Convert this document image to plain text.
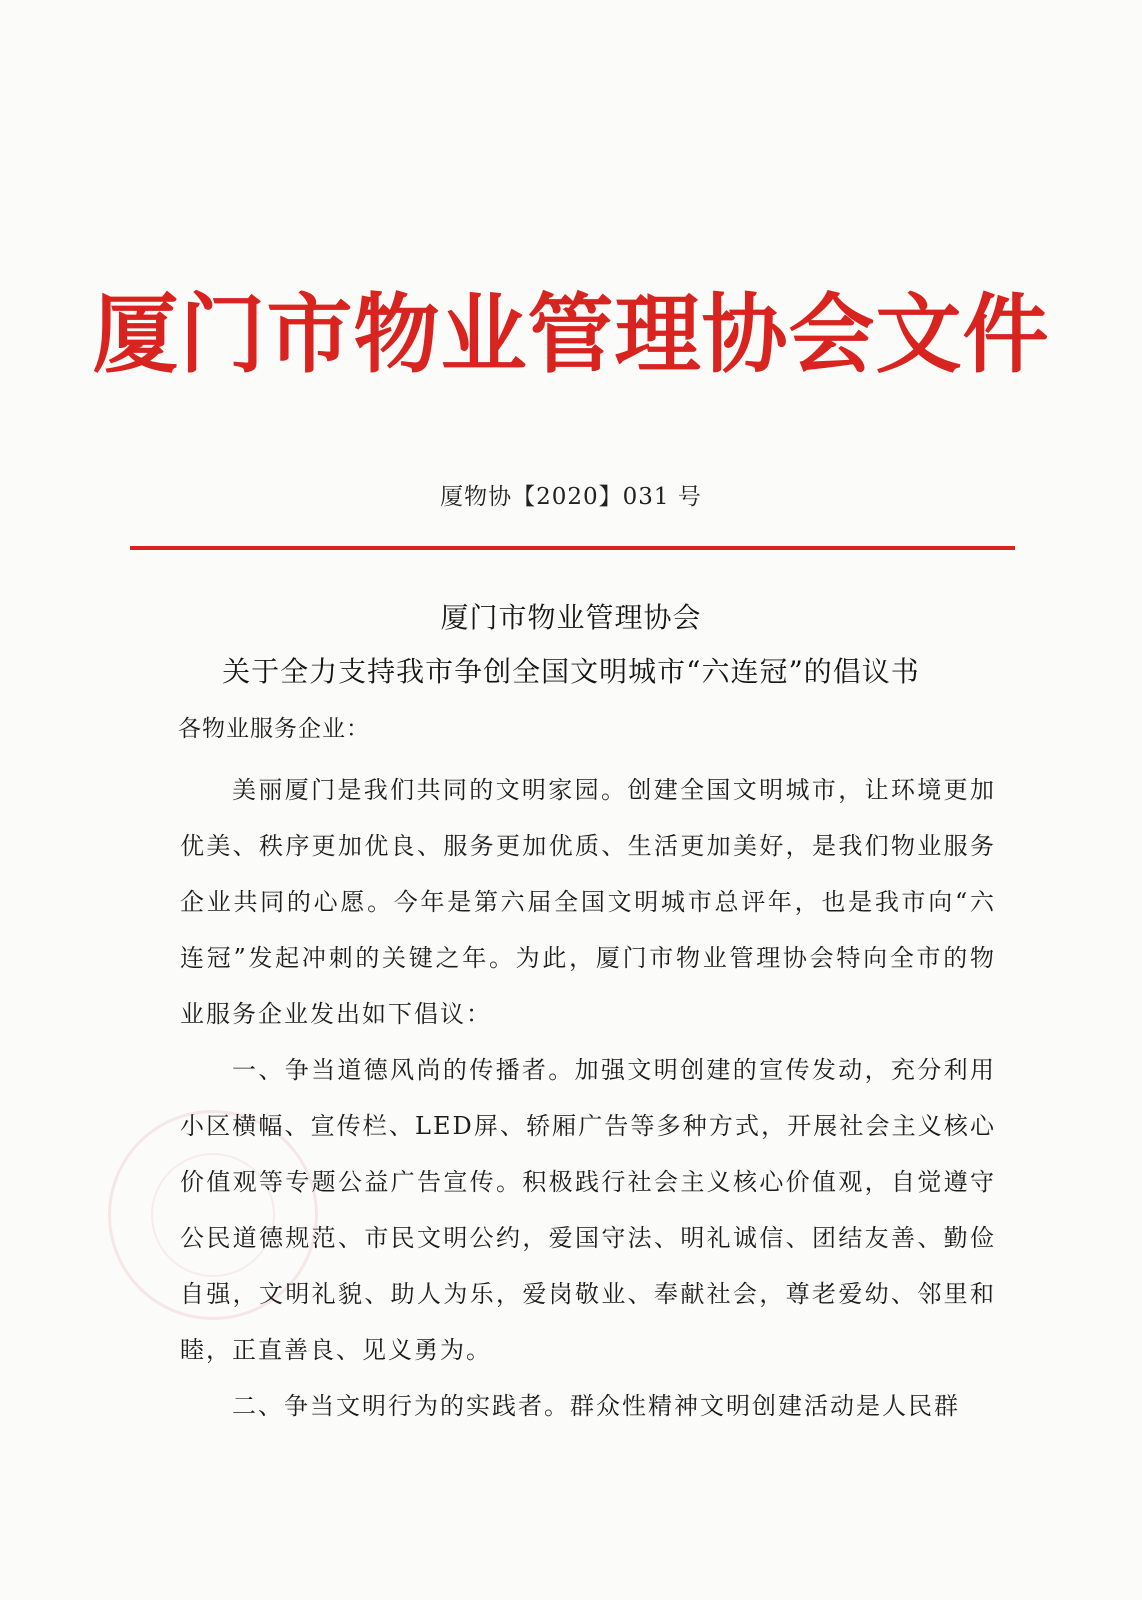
厦门市物业管理协会文件
厦物协【2020】031 号
厦门市物业管理协会
关于全力支持我市争创全国文明城市“六连冠”的倡议书
各物业服务企业：

美丽厦门是我们共同的文明家园。创建全国文明城市，让环境更加优美、秩序更加优良、服务更加优质、生活更加美好，是我们物业服务企业共同的心愿。今年是第六届全国文明城市总评年，也是我市向“六连冠”发起冲刺的关键之年。为此，厦门市物业管理协会特向全市的物业服务企业发出如下倡议：

一、争当道德风尚的传播者。加强文明创建的宣传发动，充分利用小区横幅、宣传栏、LED屏、轿厢广告等多种方式，开展社会主义核心价值观等专题公益广告宣传。积极践行社会主义核心价值观，自觉遵守公民道德规范、市民文明公约，爱国守法、明礼诚信、团结友善、勤俭自强，文明礼貌、助人为乐，爱岗敬业、奉献社会，尊老爱幼、邻里和睦，正直善良、见义勇为。

二、争当文明行为的实践者。群众性精神文明创建活动是人民群
